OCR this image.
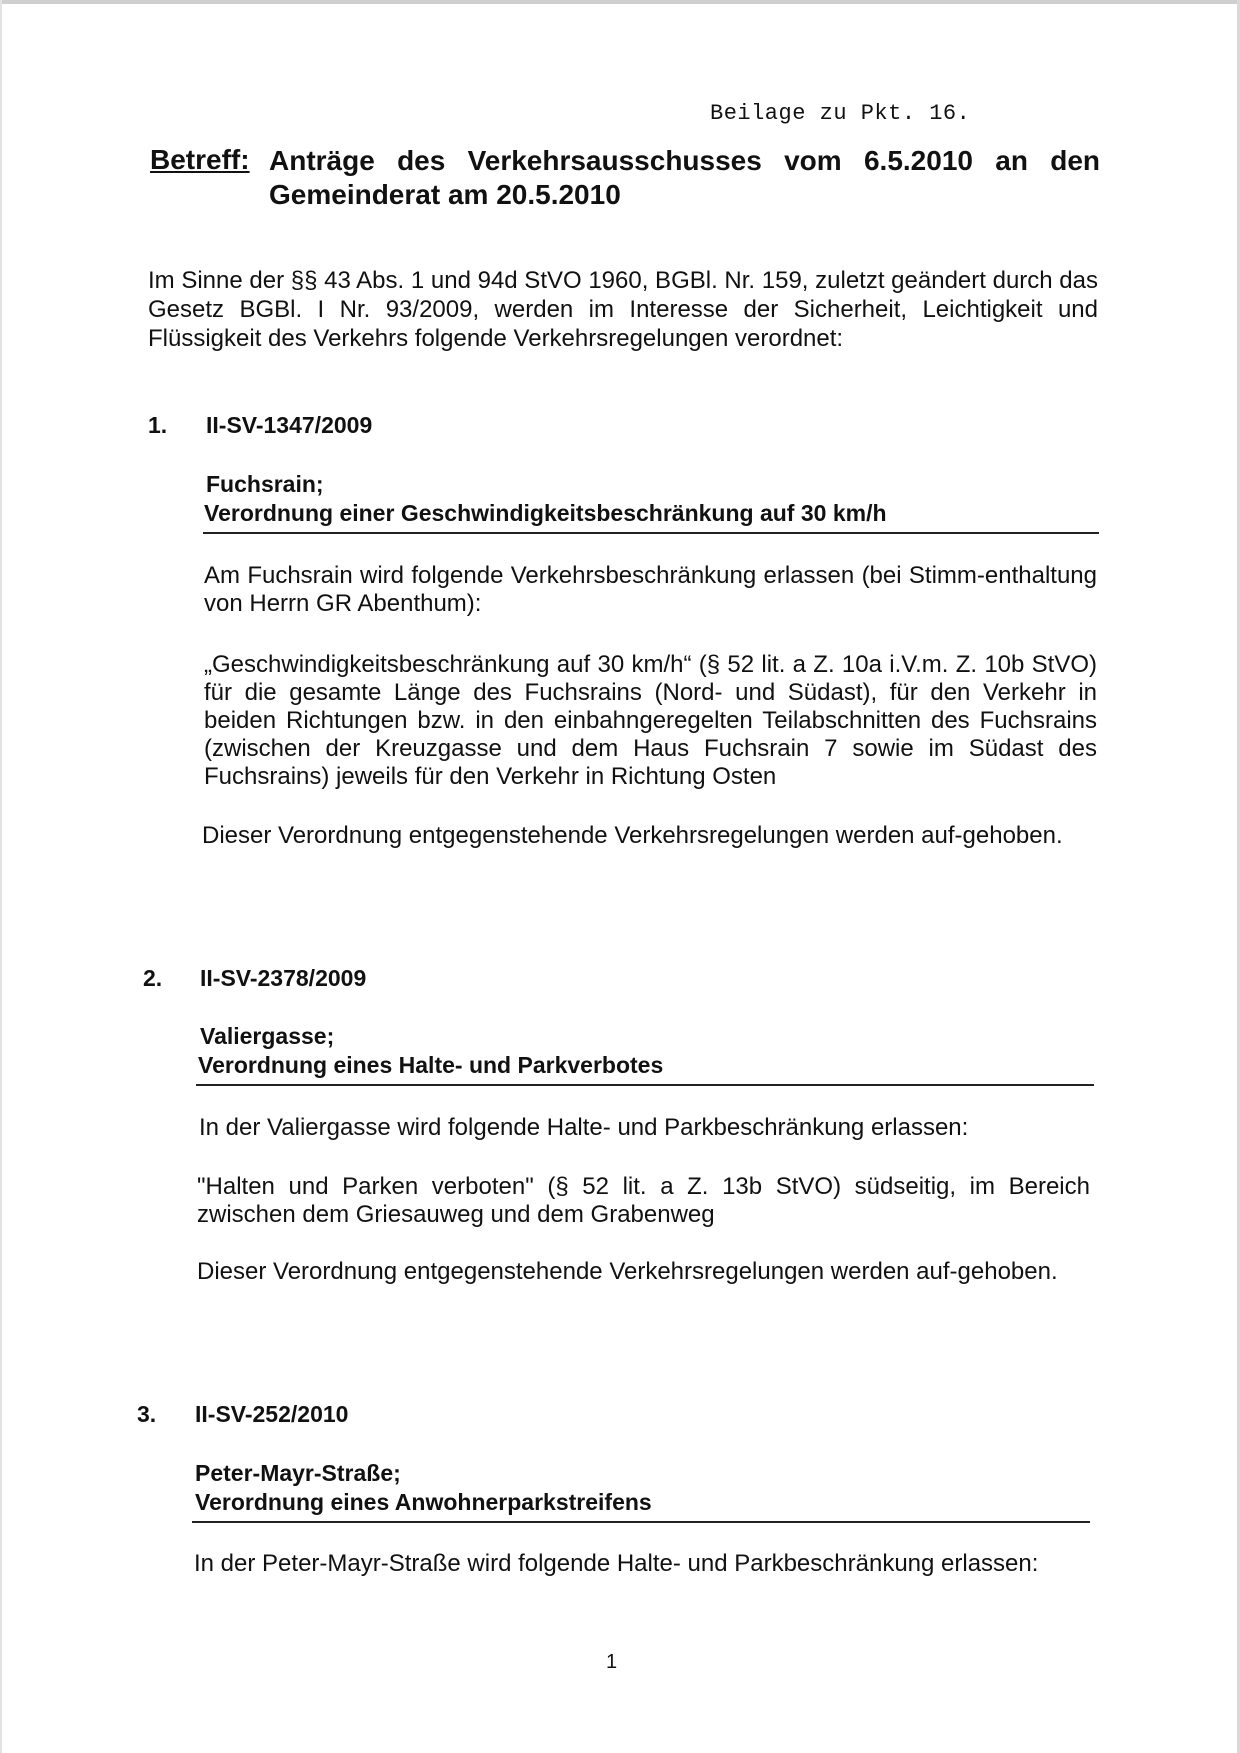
Beilage zu Pkt. 16.
Betreff: Anträge des Verkehrsausschusses vom 6.5.2010 an den Gemeinderat am 20.5.2010
Im Sinne der §§ 43 Abs. 1 und 94d StVO 1960, BGBl. Nr. 159, zuletzt geändert durch das Gesetz BGBl. I Nr. 93/2009, werden im Interesse der Sicherheit, Leichtigkeit und Flüssigkeit des Verkehrs folgende Verkehrsregelungen verordnet:
1. II-SV-1347/2009
Fuchsrain;
Verordnung einer Geschwindigkeitsbeschränkung auf 30 km/h
Am Fuchsrain wird folgende Verkehrsbeschränkung erlassen (bei Stimm-enthaltung von Herrn GR Abenthum):
„Geschwindigkeitsbeschränkung auf 30 km/h“ (§ 52 lit. a Z. 10a i.V.m. Z. 10b StVO) für die gesamte Länge des Fuchsrains (Nord- und Südast), für den Verkehr in beiden Richtungen bzw. in den einbahngeregelten Teilabschnitten des Fuchsrains (zwischen der Kreuzgasse und dem Haus Fuchsrain 7 sowie im Südast des Fuchsrains) jeweils für den Verkehr in Richtung Osten
Dieser Verordnung entgegenstehende Verkehrsregelungen werden auf-gehoben.
2. II-SV-2378/2009
Valiergasse;
Verordnung eines Halte- und Parkverbotes
In der Valiergasse wird folgende Halte- und Parkbeschränkung erlassen:
"Halten und Parken verboten" (§ 52 lit. a Z. 13b StVO) südseitig, im Bereich zwischen dem Griesauweg und dem Grabenweg
Dieser Verordnung entgegenstehende Verkehrsregelungen werden auf-gehoben.
3. II-SV-252/2010
Peter-Mayr-Straße;
Verordnung eines Anwohnerparkstreifens
In der Peter-Mayr-Straße wird folgende Halte- und Parkbeschränkung erlassen:
1
